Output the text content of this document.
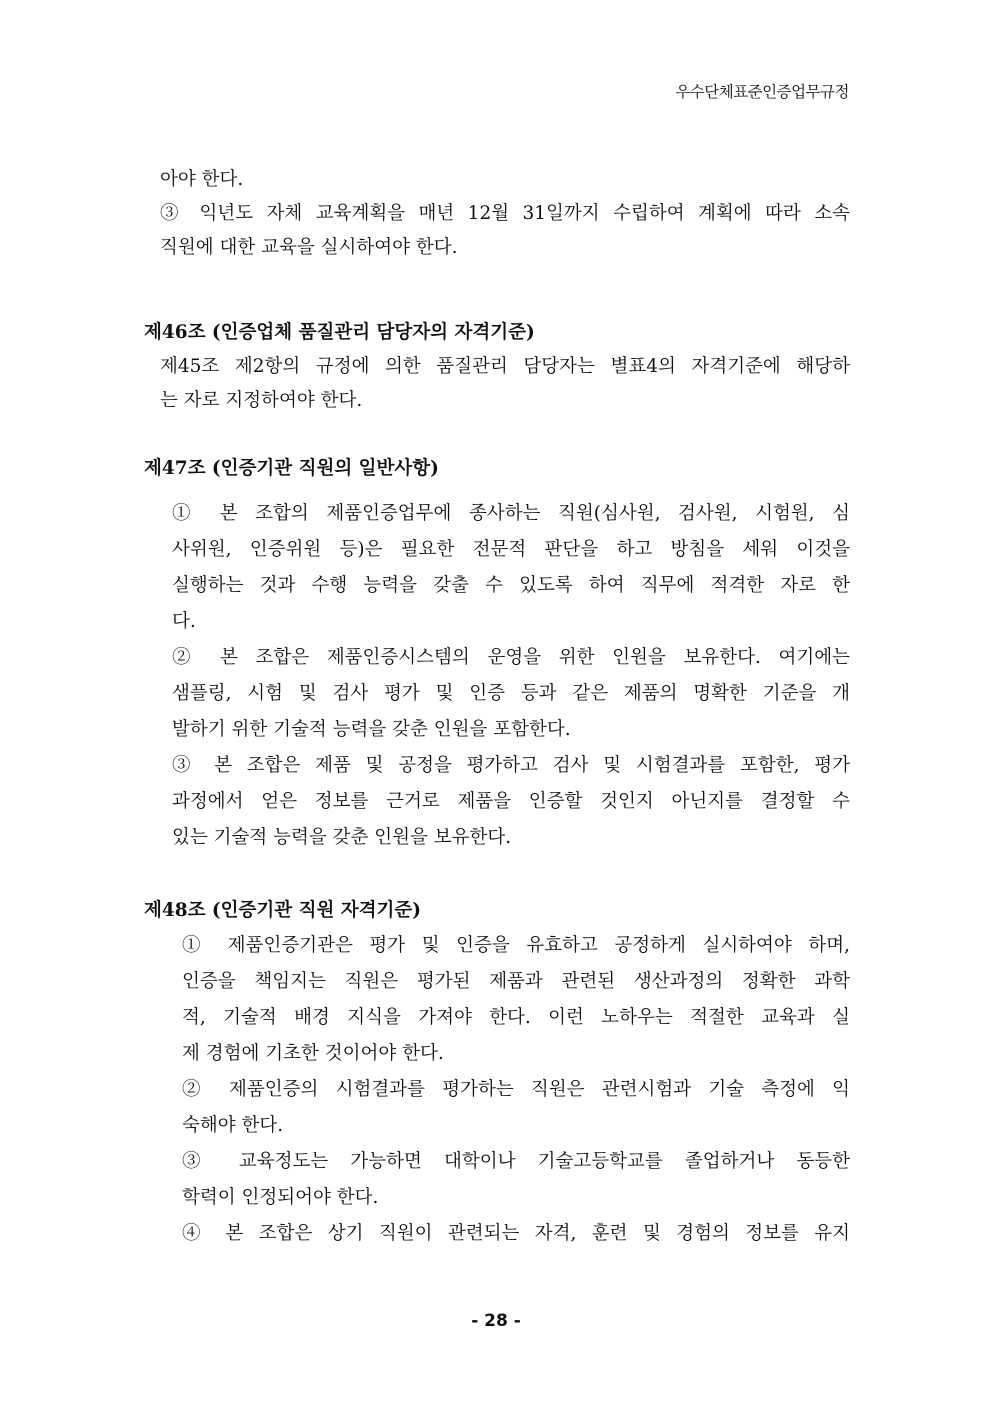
우수단체표준인증업무규정
아야 한다.
③ 익년도 자체 교육계획을 매년 12월 31일까지 수립하여 계획에 따라 소속
직원에 대한 교육을 실시하여야 한다.
제46조 (인증업체 품질관리 담당자의 자격기준)
제45조 제2항의 규정에 의한 품질관리 담당자는 별표4의 자격기준에 해당하
는 자로 지정하여야 한다.
제47조 (인증기관 직원의 일반사항)
① 본 조합의 제품인증업무에 종사하는 직원(심사원, 검사원, 시험원, 심
사위원, 인증위원 등)은 필요한 전문적 판단을 하고 방침을 세워 이것을
실행하는 것과 수행 능력을 갖출 수 있도록 하여 직무에 적격한 자로 한
다.
② 본 조합은 제품인증시스템의 운영을 위한 인원을 보유한다. 여기에는
샘플링, 시험 및 검사 평가 및 인증 등과 같은 제품의 명확한 기준을 개
발하기 위한 기술적 능력을 갖춘 인원을 포함한다.
③ 본 조합은 제품 및 공정을 평가하고 검사 및 시험결과를 포함한, 평가
과정에서 얻은 정보를 근거로 제품을 인증할 것인지 아닌지를 결정할 수
있는 기술적 능력을 갖춘 인원을 보유한다.
제48조 (인증기관 직원 자격기준)
① 제품인증기관은 평가 및 인증을 유효하고 공정하게 실시하여야 하며,
인증을 책임지는 직원은 평가된 제품과 관련된 생산과정의 정확한 과학
적, 기술적 배경 지식을 가져야 한다. 이런 노하우는 적절한 교육과 실
제 경험에 기초한 것이어야 한다.
② 제품인증의 시험결과를 평가하는 직원은 관련시험과 기술 측정에 익
숙해야 한다.
③ 교육정도는 가능하면 대학이나 기술고등학교를 졸업하거나 동등한
학력이 인정되어야 한다.
④ 본 조합은 상기 직원이 관련되는 자격, 훈련 및 경험의 정보를 유지
- 28 -
